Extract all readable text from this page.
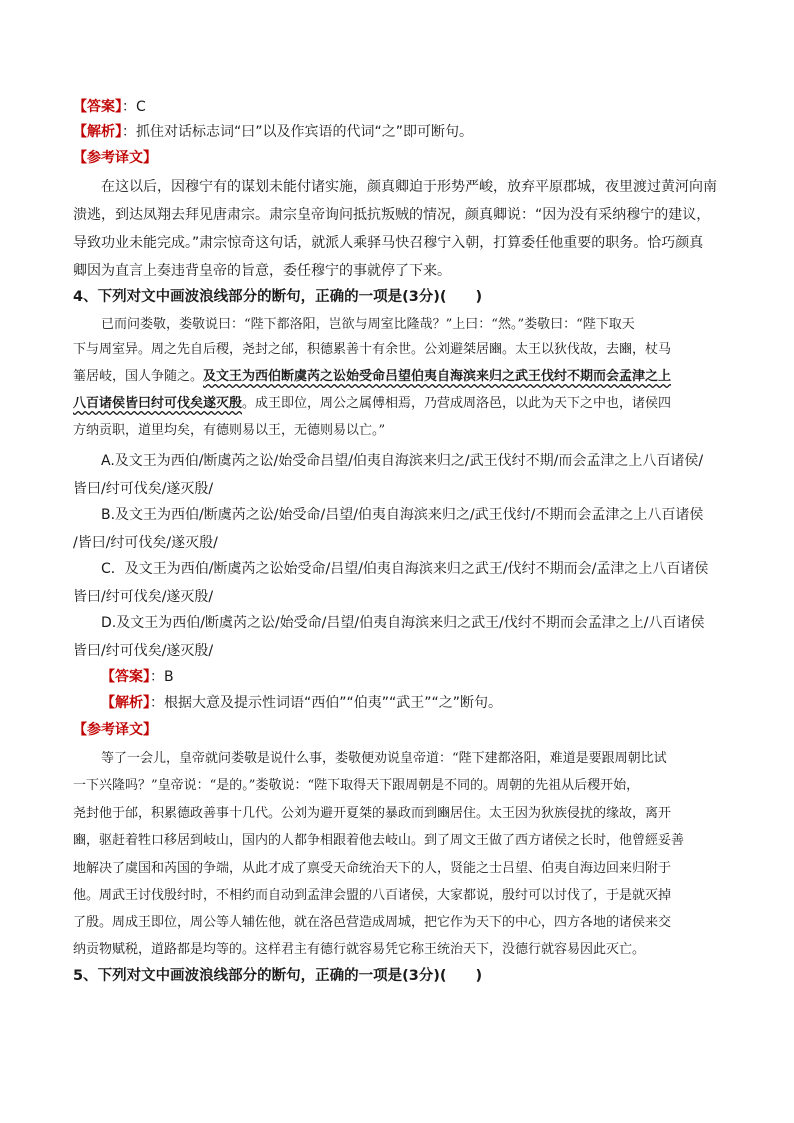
【答案】：C
【解析】：抓住对话标志词“曰”以及作宾语的代词“之”即可断句。
【参考译文】
在这以后，因穆宁有的谋划未能付诸实施，颜真卿迫于形势严峻，放弃平原郡城，夜里渡过黄河向南
溃逃，到达凤翔去拜见唐肃宗。肃宗皇帝询问抵抗叛贼的情况，颜真卿说：“因为没有采纳穆宁的建议，
导致功业未能完成。”肃宗惊奇这句话，就派人乘驿马快召穆宁入朝，打算委任他重要的职务。恰巧颜真
卿因为直言上奏违背皇帝的旨意，委任穆宁的事就停了下来。
4、下列对文中画波浪线部分的断句，正确的一项是(3分)(　　)
已而问娄敬，娄敬说曰：“陛下都洛阳，岂欲与周室比隆哉？”上曰：“然。”娄敬曰：“陛下取天
下与周室异。周之先自后稷，尧封之邰，积德累善十有余世。公刘避桀居豳。太王以狄伐故，去豳，杖马
箠居岐，国人争随之。及文王为西伯断虞芮之讼始受命吕望伯夷自海滨来归之武王伐纣不期而会孟津之上
八百诸侯皆曰纣可伐矣遂灭殷。成王即位，周公之属傅相焉，乃营成周洛邑，以此为天下之中也，诸侯四
方纳贡职，道里均矣，有德则易以王，无德则易以亡。”
A.及文王为西伯/断虞芮之讼/始受命吕望/伯夷自海滨来归之/武王伐纣不期/而会孟津之上八百诸侯/
皆曰/纣可伐矣/遂灭殷/
B.及文王为西伯/断虞芮之讼/始受命/吕望/伯夷自海滨来归之/武王伐纣/不期而会孟津之上八百诸侯
/皆曰/纣可伐矣/遂灭殷/
C．及文王为西伯/断虞芮之讼始受命/吕望/伯夷自海滨来归之武王/伐纣不期而会/孟津之上八百诸侯
皆曰/纣可伐矣/遂灭殷/
D.及文王为西伯/断虞芮之讼/始受命/吕望/伯夷自海滨来归之武王/伐纣不期而会孟津之上/八百诸侯
皆曰/纣可伐矣/遂灭殷/
【答案】：B
【解析】：根据大意及提示性词语“西伯”“伯夷”“武王”“之”断句。
【参考译文】
等了一会儿，皇帝就问娄敬是说什么事，娄敬便劝说皇帝道：“陛下建都洛阳，难道是要跟周朝比试
一下兴隆吗？”皇帝说：“是的。”娄敬说：“陛下取得天下跟周朝是不同的。周朝的先祖从后稷开始，
尧封他于邰，积累德政善事十几代。公刘为避开夏桀的暴政而到豳居住。太王因为狄族侵扰的缘故，离开
豳，驱赶着牲口移居到岐山，国内的人都争相跟着他去岐山。到了周文王做了西方诸侯之长时，他曾經妥善
地解决了虞国和芮国的争端，从此才成了禀受天命统治天下的人，贤能之士吕望、伯夷自海边回来归附于
他。周武王讨伐殷纣时，不相约而自动到孟津会盟的八百诸侯，大家都说，殷纣可以讨伐了，于是就灭掉
了殷。周成王即位，周公等人辅佐他，就在洛邑营造成周城，把它作为天下的中心，四方各地的诸侯来交
纳贡物赋税，道路都是均等的。这样君主有德行就容易凭它称王统治天下，没德行就容易因此灭亡。
5、下列对文中画波浪线部分的断句，正确的一项是(3分)(　　)
